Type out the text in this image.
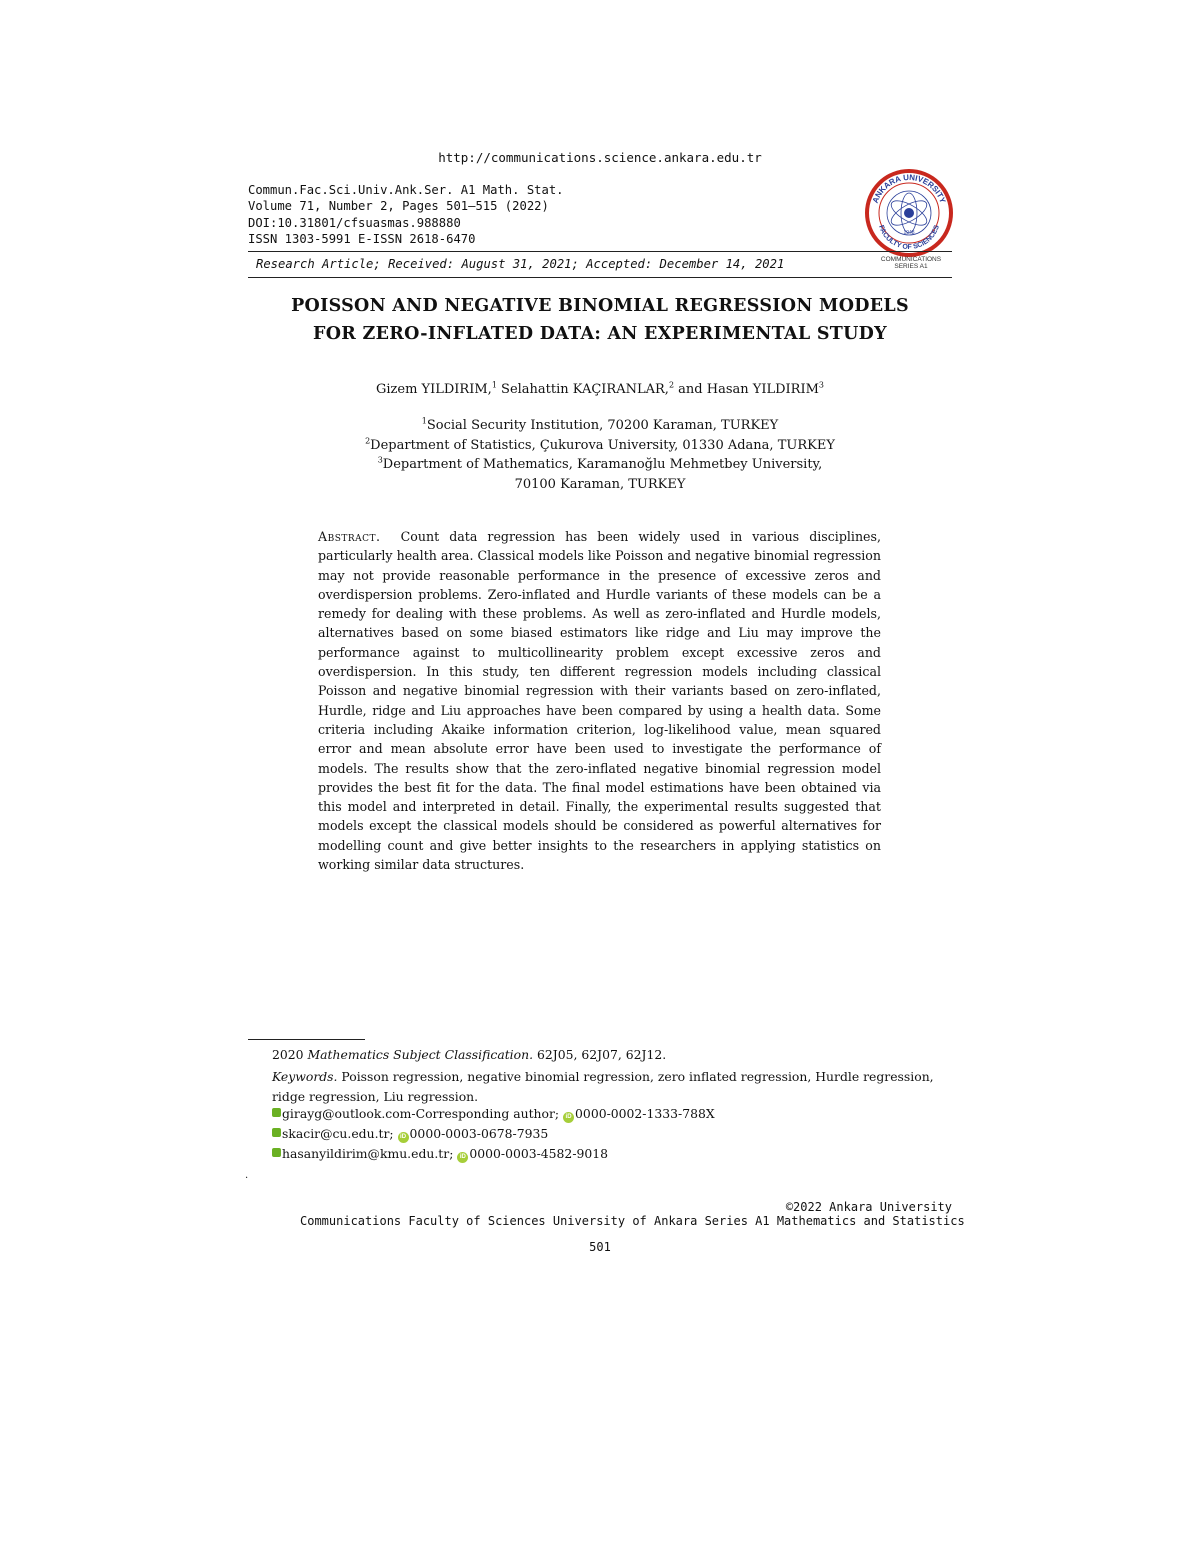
http://communications.science.ankara.edu.tr
Commun.Fac.Sci.Univ.Ank.Ser. A1 Math. Stat.
Volume 71, Number 2, Pages 501–515 (2022)
DOI:10.31801/cfsuasmas.988880
ISSN 1303-5991 E-ISSN 2618-6470
ANKARA UNIVERSITY
FACULTY OF SCIENCES
1948
COMMUNICATIONS
SERIES A1
Research Article; Received: August 31, 2021; Accepted: December 14, 2021
POISSON AND NEGATIVE BINOMIAL REGRESSION MODELS
FOR ZERO-INFLATED DATA: AN EXPERIMENTAL STUDY
Gizem YILDIRIM,$^1$ Selahattin KAÇIRANLAR,$^2$ and Hasan YILDIRIM$^3$
$^1$Social Security Institution, 70200 Karaman, TURKEY
$^2$Department of Statistics, Çukurova University, 01330 Adana, TURKEY
$^3$Department of Mathematics, Karamanoğlu Mehmetbey University,
70100 Karaman, TURKEY
Abstract. Count data regression has been widely used in various disciplines, particularly health area. Classical models like Poisson and negative binomial regression may not provide reasonable performance in the presence of excessive zeros and overdispersion problems. Zero-inflated and Hurdle variants of these models can be a remedy for dealing with these problems. As well as zero-inflated and Hurdle models, alternatives based on some biased estimators like ridge and Liu may improve the performance against to multicollinearity problem except excessive zeros and overdispersion. In this study, ten different regression models including classical Poisson and negative binomial regression with their variants based on zero-inflated, Hurdle, ridge and Liu approaches have been compared by using a health data. Some criteria including Akaike information criterion, log-likelihood value, mean squared error and mean absolute error have been used to investigate the performance of models. The results show that the zero-inflated negative binomial regression model provides the best fit for the data. The final model estimations have been obtained via this model and interpreted in detail. Finally, the experimental results suggested that models except the classical models should be considered as powerful alternatives for modelling count and give better insights to the researchers in applying statistics on working similar data structures.
2020 Mathematics Subject Classification. 62J05, 62J07, 62J12.
Keywords. Poisson regression, negative binomial regression, zero inflated regression, Hurdle regression, ridge regression, Liu regression.
girayg@outlook.com-Corresponding author; iD 0000-0002-1333-788X
skacir@cu.edu.tr; iD 0000-0003-0678-7935
hasanyildirim@kmu.edu.tr; iD 0000-0003-4582-9018
.
©2022 Ankara University
Communications Faculty of Sciences University of Ankara Series A1 Mathematics and Statistics
501
